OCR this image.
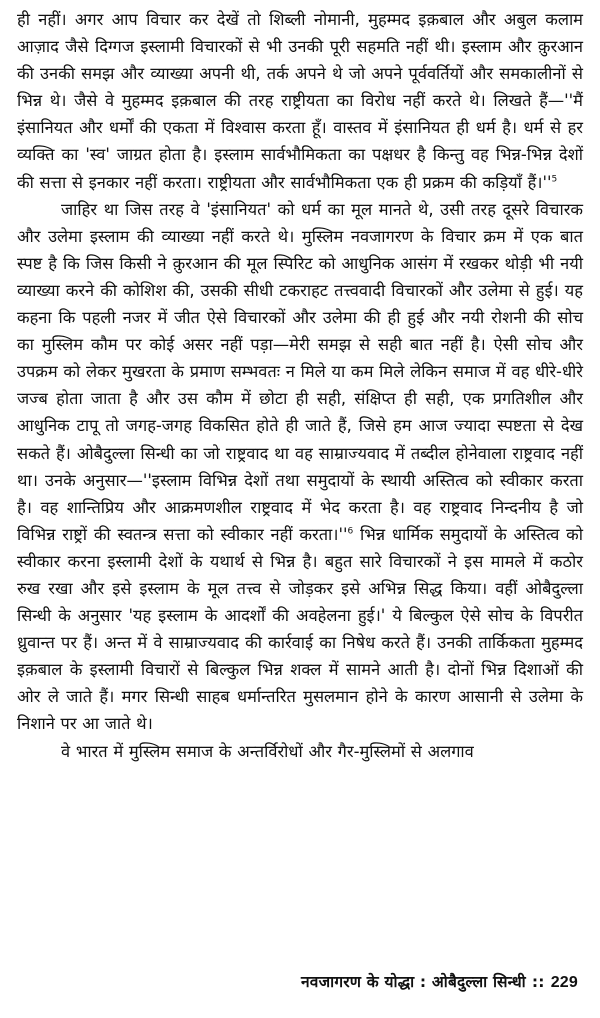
ही नहीं। अगर आप विचार कर देखें तो शिब्ली नोमानी, मुहम्मद इक़बाल और अबुल कलाम आज़ाद जैसे दिग्गज इस्लामी विचारकों से भी उनकी पूरी सहमति नहीं थी। इस्लाम और क़ुरआन की उनकी समझ और व्याख्या अपनी थी, तर्क अपने थे जो अपने पूर्ववर्तियों और समकालीनों से भिन्न थे। जैसे वे मुहम्मद इक़बाल की तरह राष्ट्रीयता का विरोध नहीं करते थे। लिखते हैं—''मैं इंसानियत और धर्मों की एकता में विश्वास करता हूँ। वास्तव में इंसानियत ही धर्म है। धर्म से हर व्यक्ति का 'स्व' जाग्रत होता है। इस्लाम सार्वभौमिकता का पक्षधर है किन्तु वह भिन्न-भिन्न देशों की सत्ता से इनकार नहीं करता। राष्ट्रीयता और सार्वभौमिकता एक ही प्रक्रम की कड़ियाँ हैं।''$^5$

जाहिर था जिस तरह वे 'इंसानियत' को धर्म का मूल मानते थे, उसी तरह दूसरे विचारक और उलेमा इस्लाम की व्याख्या नहीं करते थे। मुस्लिम नवजागरण के विचार क्रम में एक बात स्पष्ट है कि जिस किसी ने क़ुरआन की मूल स्पिरिट को आधुनिक आसंग में रखकर थोड़ी भी नयी व्याख्या करने की कोशिश की, उसकी सीधी टकराहट तत्त्ववादी विचारकों और उलेमा से हुई। यह कहना कि पहली नजर में जीत ऐसे विचारकों और उलेमा की ही हुई और नयी रोशनी की सोच का मुस्लिम कौम पर कोई असर नहीं पड़ा—मेरी समझ से सही बात नहीं है। ऐसी सोच और उपक्रम को लेकर मुखरता के प्रमाण सम्भवतः न मिले या कम मिले लेकिन समाज में वह धीरे-धीरे जज्ब होता जाता है और उस कौम में छोटा ही सही, संक्षिप्त ही सही, एक प्रगतिशील और आधुनिक टापू तो जगह-जगह विकसित होते ही जाते हैं, जिसे हम आज ज्यादा स्पष्टता से देख सकते हैं। ओबैदुल्ला सिन्धी का जो राष्ट्रवाद था वह साम्राज्यवाद में तब्दील होनेवाला राष्ट्रवाद नहीं था। उनके अनुसार—''इस्लाम विभिन्न देशों तथा समुदायों के स्थायी अस्तित्व को स्वीकार करता है। वह शान्तिप्रिय और आक्रमणशील राष्ट्रवाद में भेद करता है। वह राष्ट्रवाद निन्दनीय है जो विभिन्न राष्ट्रों की स्वतन्त्र सत्ता को स्वीकार नहीं करता।''$^6$ भिन्न धार्मिक समुदायों के अस्तित्व को स्वीकार करना इस्लामी देशों के यथार्थ से भिन्न है। बहुत सारे विचारकों ने इस मामले में कठोर रुख रखा और इसे इस्लाम के मूल तत्त्व से जोड़कर इसे अभिन्न सिद्ध किया। वहीं ओबैदुल्ला सिन्धी के अनुसार 'यह इस्लाम के आदर्शों की अवहेलना हुई।' ये बिल्कुल ऐसे सोच के विपरीत ध्रुवान्त पर हैं। अन्त में वे साम्राज्यवाद की कार्रवाई का निषेध करते हैं। उनकी तार्किकता मुहम्मद इक़बाल के इस्लामी विचारों से बिल्कुल भिन्न शक्ल में सामने आती है। दोनों भिन्न दिशाओं की ओर ले जाते हैं। मगर सिन्धी साहब धर्मान्तरित मुसलमान होने के कारण आसानी से उलेमा के निशाने पर आ जाते थे।

वे भारत में मुस्लिम समाज के अन्तर्विरोधों और गैर-मुस्लिमों से अलगाव

नवजागरण के योद्धा : ओबैदुल्ला सिन्धी :: 229
